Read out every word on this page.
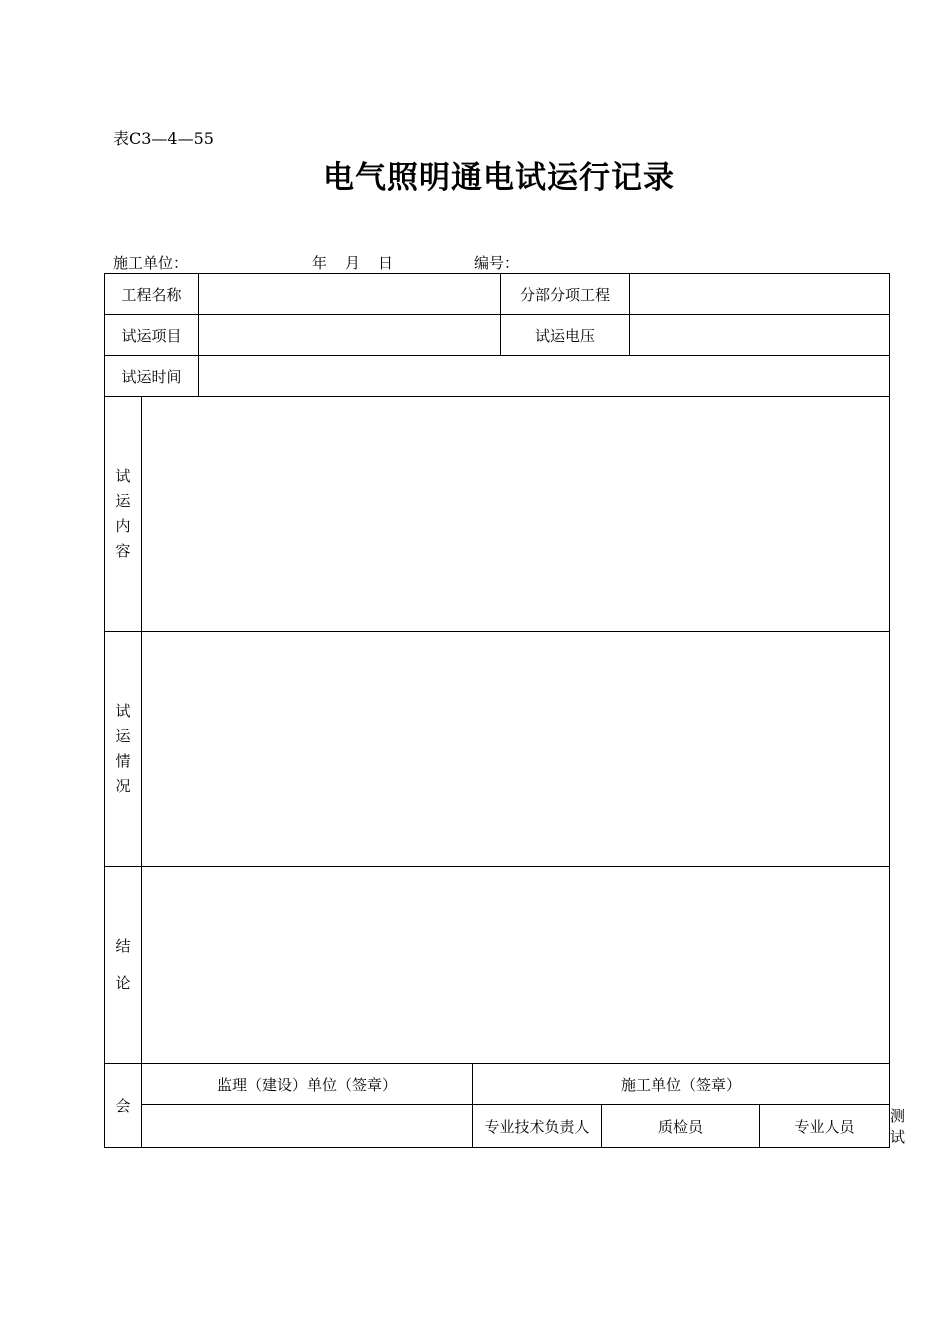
表C3—4—55
电气照明通电试运行记录
施工单位：	年 月 日	编号：
工程名称				分部分项工程				
试运项目				试运电压				
试运时间								

试
运
内
容								

试
运
情
况								

结
论								

会	监理（建设）单位（签章）		施工单位（签章）					
			专业技术负责人		质检员		专业人员	测　试
